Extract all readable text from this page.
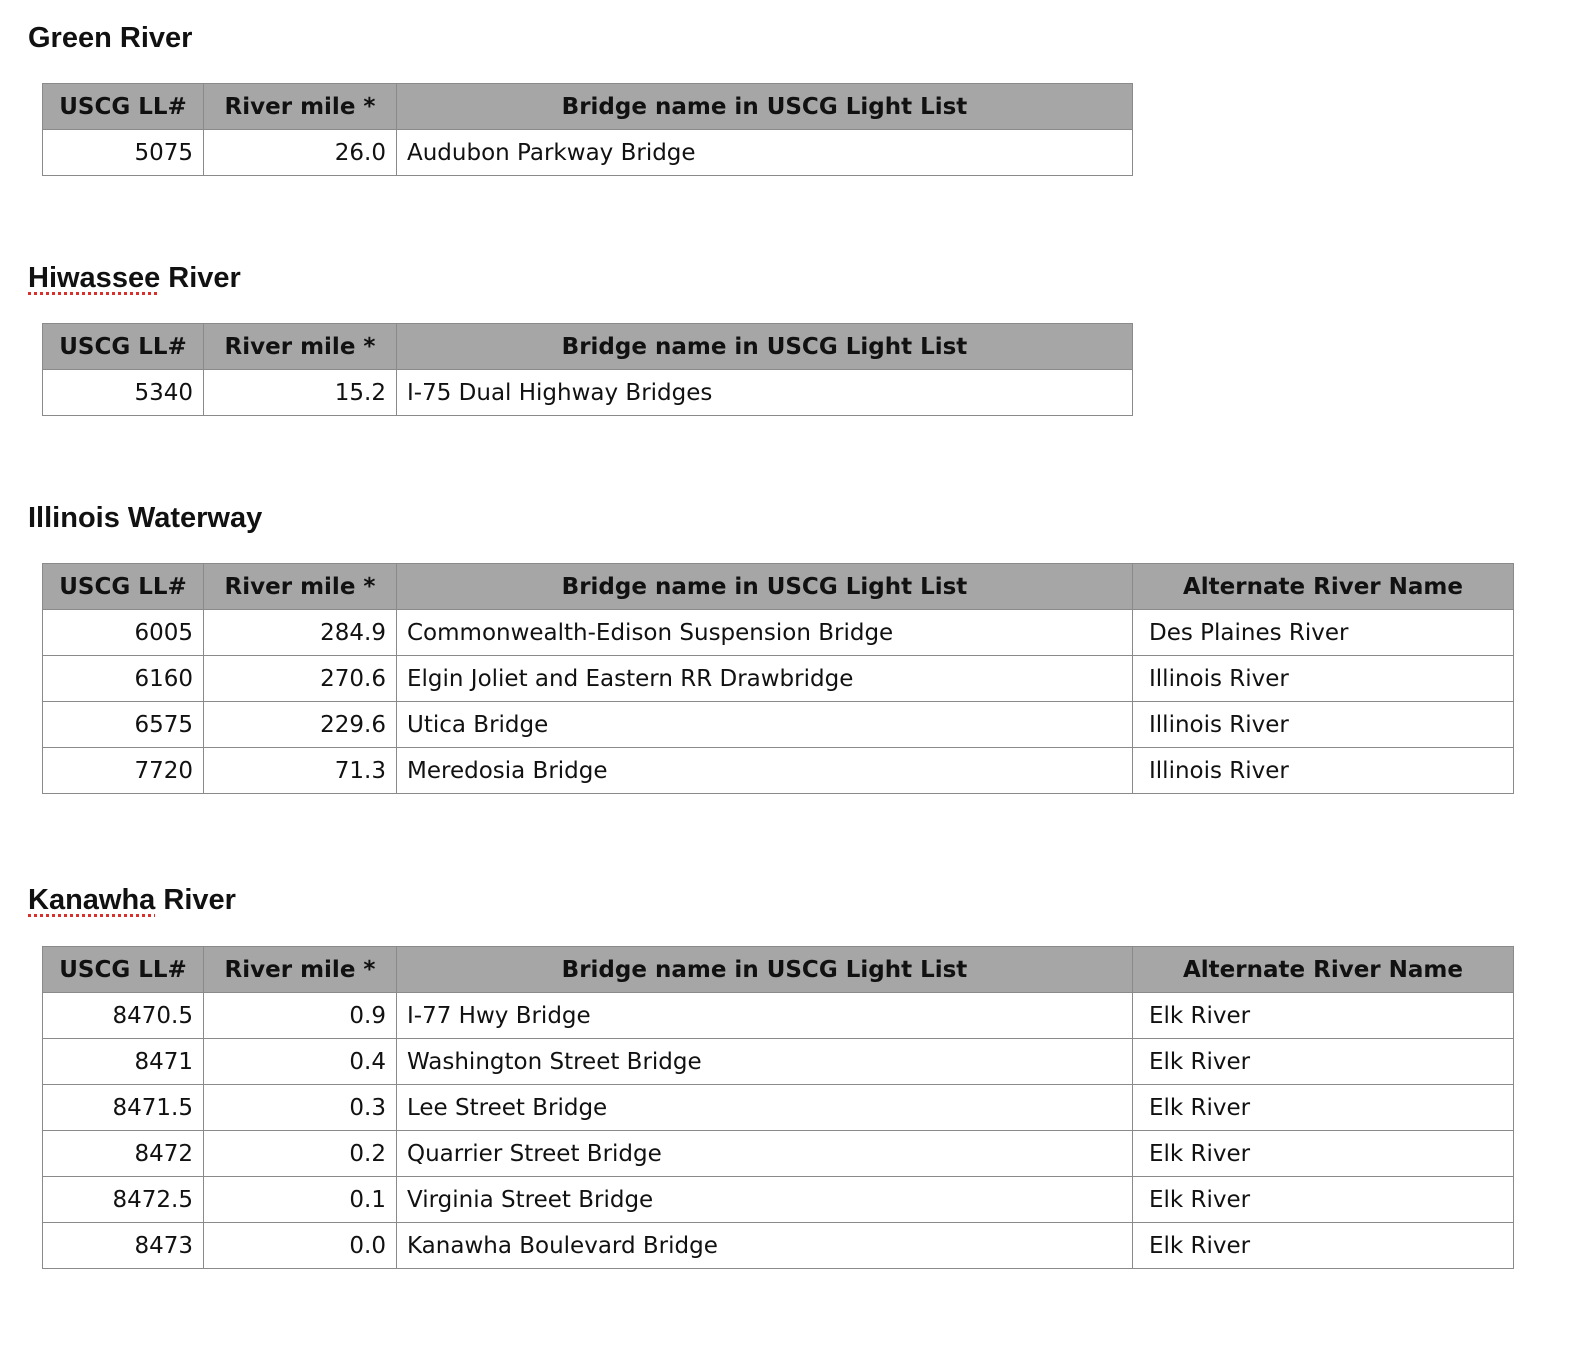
Green River
USCG LL#	River mile *	Bridge name in USCG Light List
5075	26.0	Audubon Parkway Bridge
Hiwassee River
USCG LL#	River mile *	Bridge name in USCG Light List
5340	15.2	I-75 Dual Highway Bridges
Illinois Waterway
USCG LL#	River mile *	Bridge name in USCG Light List	Alternate River Name
6005	284.9	Commonwealth-Edison Suspension Bridge	Des Plaines River
6160	270.6	Elgin Joliet and Eastern RR Drawbridge	Illinois River
6575	229.6	Utica Bridge	Illinois River
7720	71.3	Meredosia Bridge	Illinois River
Kanawha River
USCG LL#	River mile *	Bridge name in USCG Light List	Alternate River Name
8470.5	0.9	I-77 Hwy Bridge	Elk River
8471	0.4	Washington Street Bridge	Elk River
8471.5	0.3	Lee Street Bridge	Elk River
8472	0.2	Quarrier Street Bridge	Elk River
8472.5	0.1	Virginia Street Bridge	Elk River
8473	0.0	Kanawha Boulevard Bridge	Elk River
